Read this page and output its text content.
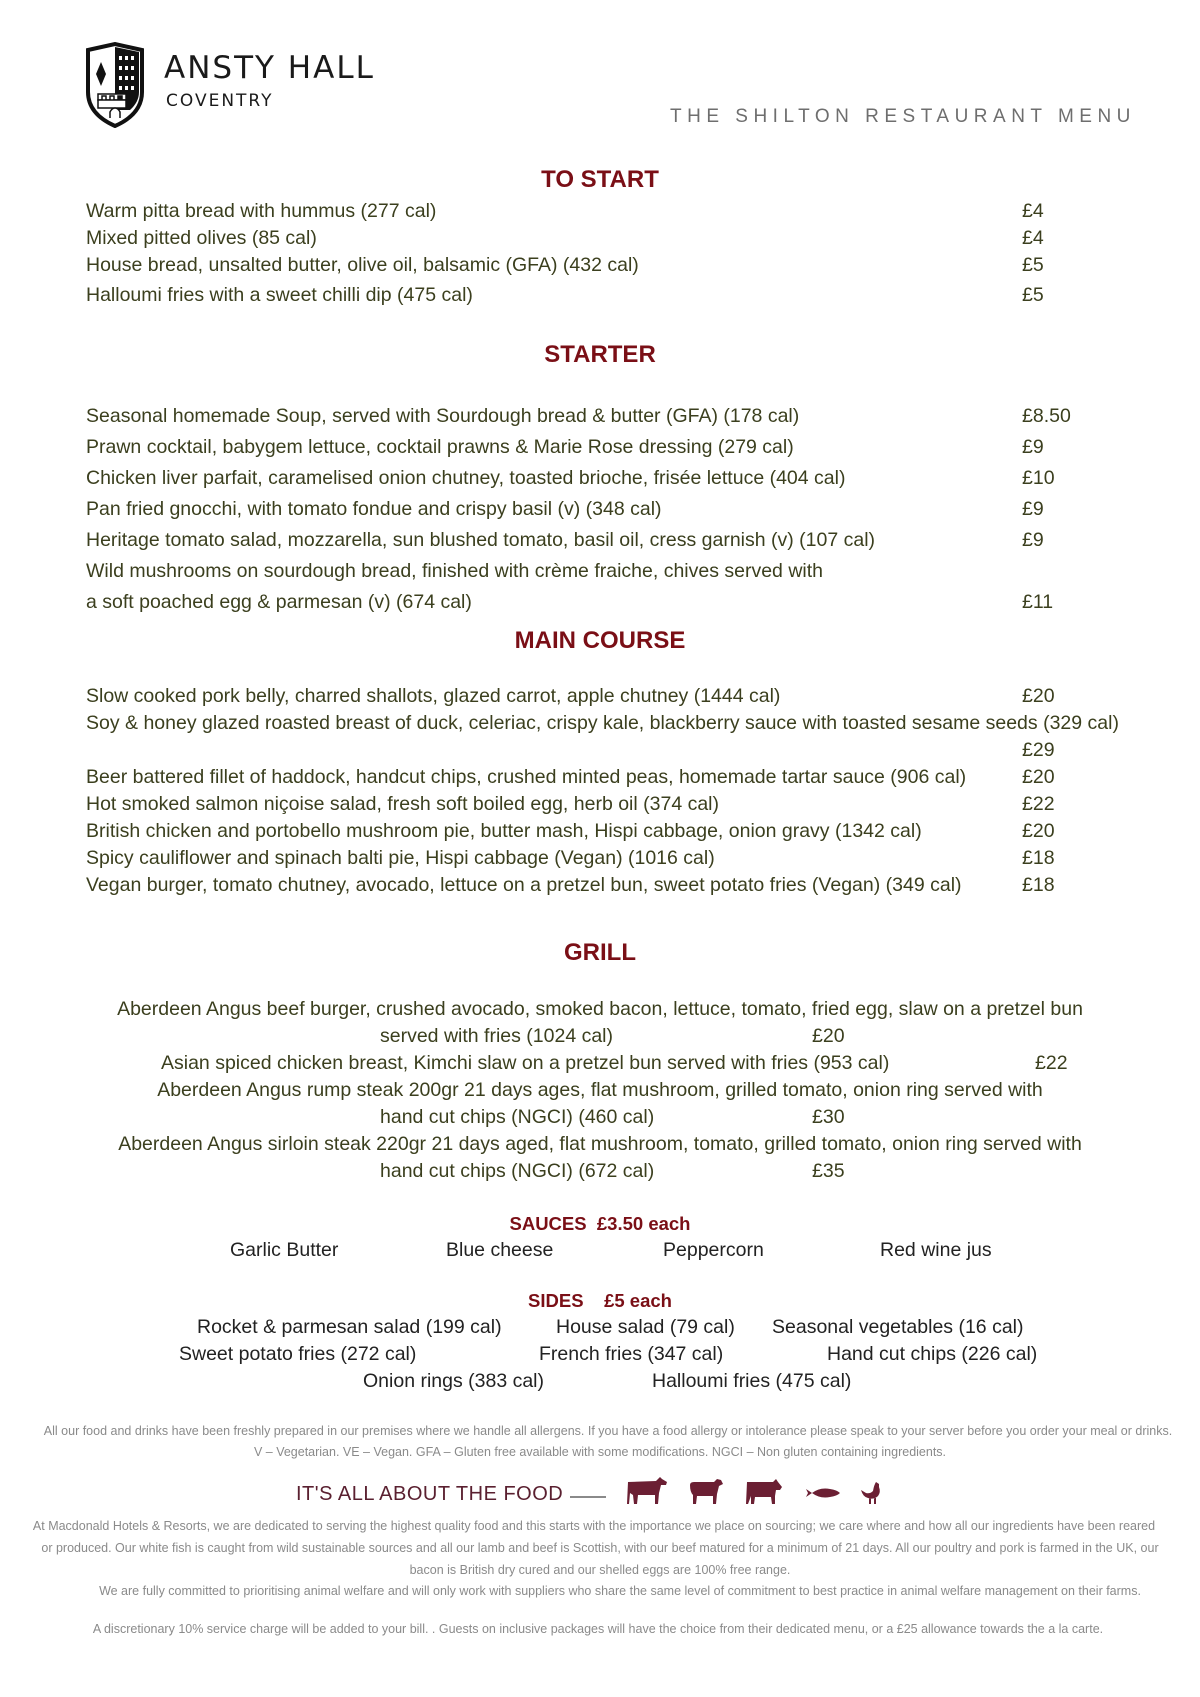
ANSTY HALL
COVENTRY
THE SHILTON RESTAURANT MENU
TO START
Warm pitta bread with hummus (277 cal)	£4
Mixed pitted olives (85 cal)	£4
House bread, unsalted butter, olive oil, balsamic (GFA) (432 cal)	£5
Halloumi fries with a sweet chilli dip (475 cal)	£5
STARTER
Seasonal homemade Soup, served with Sourdough bread & butter (GFA) (178 cal)	£8.50
Prawn cocktail, babygem lettuce, cocktail prawns & Marie Rose dressing (279 cal)	£9
Chicken liver parfait, caramelised onion chutney, toasted brioche, frisée lettuce (404 cal)	£10
Pan fried gnocchi, with tomato fondue and crispy basil (v) (348 cal)	£9
Heritage tomato salad, mozzarella, sun blushed tomato, basil oil, cress garnish (v) (107 cal)	£9
Wild mushrooms on sourdough bread, finished with crème fraiche, chives served with
a soft poached egg & parmesan (v) (674 cal)	£11
MAIN COURSE
Slow cooked pork belly, charred shallots, glazed carrot, apple chutney (1444 cal)	£20
Soy & honey glazed roasted breast of duck, celeriac, crispy kale, blackberry sauce with toasted sesame seeds (329 cal)
£29
Beer battered fillet of haddock, handcut chips, crushed minted peas, homemade tartar sauce (906 cal)	£20
Hot smoked salmon niçoise salad, fresh soft boiled egg, herb oil (374 cal)	£22
British chicken and portobello mushroom pie, butter mash, Hispi cabbage, onion gravy (1342 cal)	£20
Spicy cauliflower and spinach balti pie, Hispi cabbage (Vegan) (1016 cal)	£18
Vegan burger, tomato chutney, avocado, lettuce on a pretzel bun, sweet potato fries (Vegan) (349 cal)	£18
GRILL
Aberdeen Angus beef burger, crushed avocado, smoked bacon, lettuce, tomato, fried egg, slaw on a pretzel bun
served with fries (1024 cal)	£20
Asian spiced chicken breast, Kimchi slaw on a pretzel bun served with fries (953 cal)	£22
Aberdeen Angus rump steak 200gr 21 days ages, flat mushroom, grilled tomato, onion ring served with
hand cut chips (NGCI) (460 cal)	£30
Aberdeen Angus sirloin steak 220gr 21 days aged, flat mushroom, tomato, grilled tomato, onion ring served with
hand cut chips (NGCI) (672 cal)	£35
SAUCES  £3.50 each
Garlic Butter	Blue cheese	Peppercorn	Red wine jus
SIDES    £5 each
Rocket & parmesan salad (199 cal)	House salad (79 cal) Seasonal vegetables (16 cal)
Sweet potato fries (272 cal)	French fries (347 cal)	Hand cut chips (226 cal)
Onion rings (383 cal)	Halloumi fries (475 cal)
All our food and drinks have been freshly prepared in our premises where we handle all allergens. If you have a food allergy or intolerance please speak to your server before you order your meal or drinks.
V – Vegetarian. VE – Vegan. GFA – Gluten free available with some modifications. NGCI – Non gluten containing ingredients.
IT'S ALL ABOUT THE FOOD
At Macdonald Hotels & Resorts, we are dedicated to serving the highest quality food and this starts with the importance we place on sourcing; we care where and how all our ingredients have been reared
or produced. Our white fish is caught from wild sustainable sources and all our lamb and beef is Scottish, with our beef matured for a minimum of 21 days. All our poultry and pork is farmed in the UK, our
bacon is British dry cured and our shelled eggs are 100% free range.
We are fully committed to prioritising animal welfare and will only work with suppliers who share the same level of commitment to best practice in animal welfare management on their farms.
A discretionary 10% service charge will be added to your bill. . Guests on inclusive packages will have the choice from their dedicated menu, or a £25 allowance towards the a la carte.
